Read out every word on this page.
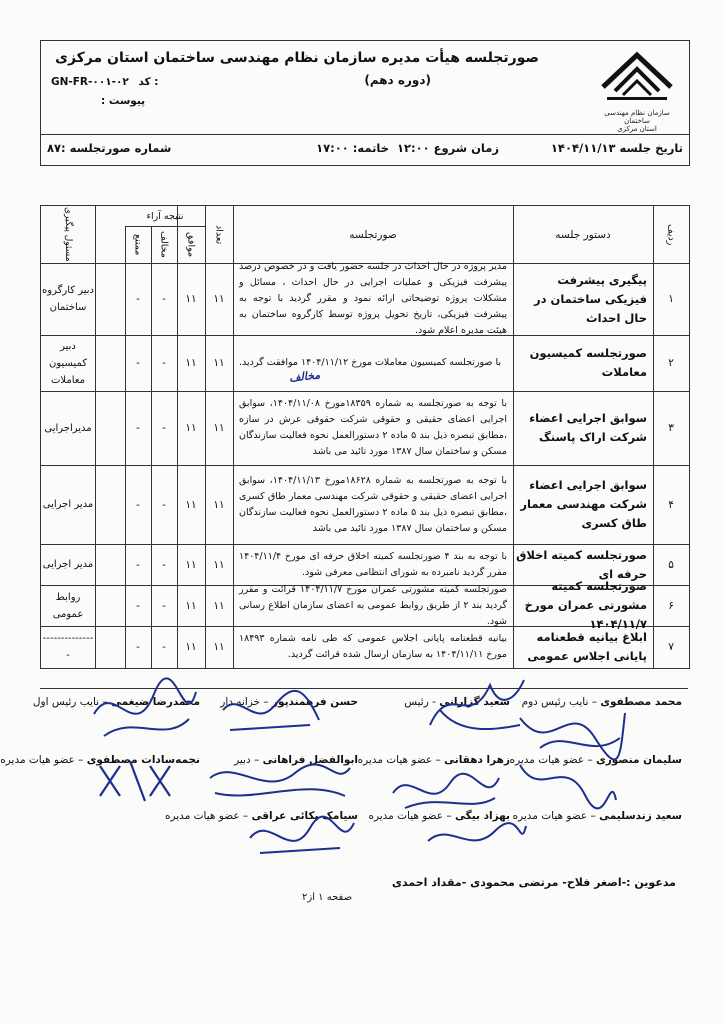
سازمان نظام مهندسی ساختمان
استان مرکزی
صورتجلسه هیأت مدیره سازمان نظام مهندسی ساختمان استان مرکزی
(دوره دهم)
GN-FR-۰۰۱-۰۲ کد :
پیوست :
تاریخ جلسه ۱۴۰۴/۱۱/۱۳
زمان شروع ۱۲:۰۰
خاتمه: ۱۷:۰۰
شماره صورتجلسه :۸۷
ردیف
دستور جلسه
صورتجلسه
تعداد
نتیجه آراء
موافق
مخالف
ممتنع
مسئول پیگیری
۱
پیگیری پیشرفت فیزیکی ساختمان در حال احداث
مدیر پروژه در حال احداث در جلسه حضور یافت و در خصوص درصد پیشرفت فیزیکی و عملیات اجرایی در حال احداث ، مسائل و مشکلات پروژه توضیحاتی ارائه نمود و مقرر گردید با توجه به پیشرفت فیزیکی، تاریخ تحویل پروژه توسط کارگروه ساختمان به هیئت مدیره اعلام شود.
۱۱
۱۱
-
-
دبیر کارگروه ساختمان
۲
صورتجلسه کمیسیون معاملات
با صورتجلسه کمیسیون معاملات مورخ ۱۴۰۴/۱۱/۱۲ موافقت گردید.
۱۱
۱۱
-
-
دبیر کمیسیون معاملات
۳
سوابق اجرایی اعضاء شرکت اراک پاسنگ
با توجه به صورتجلسه به شماره ۱۸۳۵۹مورخ ۱۴۰۴/۱۱/۰۸، سوابق اجرایی اعضای حقیقی و حقوقی شرکت حقوقی عرش در سازه ،مطابق تبصره ذیل بند ۵ ماده ۲ دستورالعمل نحوه فعالیت سازندگان مسکن و ساختمان سال ۱۳۸۷ مورد تائید می باشد
۱۱
۱۱
-
-
مدیراجرایی
۴
سوابق اجرایی اعضاء شرکت مهندسی معمار طاق کسری
با توجه به صورتجلسه به شماره ۱۸۶۲۸مورخ ۱۴۰۴/۱۱/۱۳، سوابق اجرایی اعضای حقیقی و حقوقی شرکت مهندسی معمار طاق کسری ،مطابق تبصره ذیل بند ۵ ماده ۲ دستورالعمل نحوه فعالیت سازندگان مسکن و ساختمان سال ۱۳۸۷ مورد تائید می باشد
۱۱
۱۱
-
-
مدیر اجرایی
۵
صورتجلسه کمیته اخلاق حرفه ای
با توجه به بند ۴ صورتجلسه کمیته اخلاق حرفه ای مورخ ۱۴۰۴/۱۱/۴ مقرر گردید نامبرده به شورای انتظامی معرفی شود.
۱۱
۱۱
-
-
مدیر اجرایی
۶
صورتجلسه کمیته مشورتی عمران مورخ ۱۴۰۴/۱۱/۷
صورتجلسه کمیته مشورتی عمران مورخ ۱۴۰۴/۱۱/۷ قرائت و مقرر گردید بند ۲ از طریق روابط عمومی به اعضای سازمان اطلاع رسانی شود.
۱۱
۱۱
-
-
روابط عمومی
۷
ابلاغ بیانیه قطعنامه پایانی اجلاس عمومی
بیانیه قطعنامه پایانی اجلاس عمومی که طی نامه شماره ۱۸۴۹۳ مورخ ۱۴۰۴/۱۱/۱۱ به سازمان ارسال شده قرائت گردید.
۱۱
۱۱
-
-
---------------
مخالف
محمد مصطفوی – نایب رئیس دوم
سعید گزارانی - رئیس
حسن فرهمندپور – خزانه دار
محمدرضا ضیغمی – نایب رئیس اول
سلیمان منصوری – عضو هیات مدیره
زهرا دهقانی – عضو هیات مدیره
ابوالفضل فراهانی – دبیر
نجمه‌سادات مصطفوی – عضو هیات مدیره
سعید زندسلیمی – عضو هیات مدیره
بهزاد بیگی – عضو هیات مدیره
سیامک بکائی عراقی – عضو هیات مدیره
مدعوین :-اصغر فلاح- مرتضی محمودی -مقداد احمدی
صفحه ۱ از۲
